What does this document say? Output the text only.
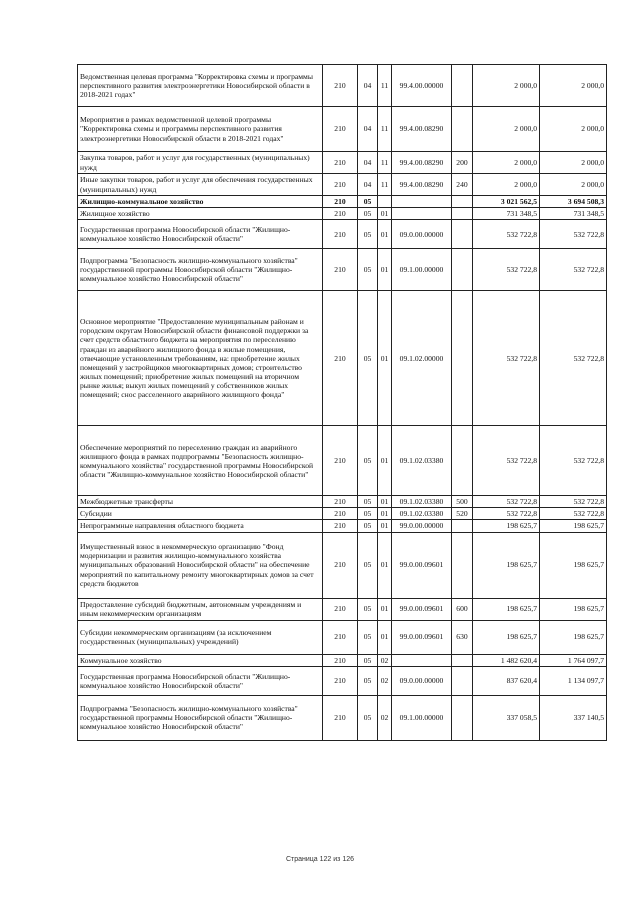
Ведомственная целевая программа "Корректировка схемы и программы перспективного развития электроэнергетики Новосибирской области в 2018-2021 годах"	210	04	11	99.4.00.00000		2 000,0	2 000,0
Мероприятия в рамках ведомственной целевой программы "Корректировка схемы и программы перспективного развития электроэнергетики Новосибирской области в 2018-2021 годах"	210	04	11	99.4.00.08290		2 000,0	2 000,0
Закупка товаров, работ и услуг для государственных (муниципальных) нужд	210	04	11	99.4.00.08290	200	2 000,0	2 000,0
Иные закупки товаров, работ и услуг для обеспечения государственных (муниципальных) нужд	210	04	11	99.4.00.08290	240	2 000,0	2 000,0
Жилищно-коммунальное хозяйство	210	05				3 021 562,5	3 694 508,3
Жилищное хозяйство	210	05	01			731 348,5	731 348,5
Государственная программа Новосибирской области "Жилищно-коммунальное хозяйство Новосибирской области"	210	05	01	09.0.00.00000		532 722,8	532 722,8
Подпрограмма "Безопасность жилищно-коммунального хозяйства" государственной программы Новосибирской области "Жилищно-коммунальное хозяйство Новосибирской области"	210	05	01	09.1.00.00000		532 722,8	532 722,8
Основное мероприятие "Предоставление муниципальным районам и городским округам Новосибирской области финансовой поддержки за счет средств областного бюджета на мероприятия по переселению граждан из аварийного жилищного фонда в жилые помещения, отвечающие установленным требованиям, на: приобретение жилых помещений у застройщиков многоквартирных домов; строительство жилых помещений; приобретение жилых помещений на вторичном рынке жилья; выкуп жилых помещений у собственников жилых помещений; снос расселенного аварийного жилищного фонда"	210	05	01	09.1.02.00000		532 722,8	532 722,8
Обеспечение мероприятий по переселению граждан из аварийного жилищного фонда в рамках подпрограммы "Безопасность жилищно-коммунального хозяйства" государственной программы Новосибирской области "Жилищно-коммунальное хозяйство Новосибирской области"	210	05	01	09.1.02.03380		532 722,8	532 722,8
Межбюджетные трансферты	210	05	01	09.1.02.03380	500	532 722,8	532 722,8
Субсидии	210	05	01	09.1.02.03380	520	532 722,8	532 722,8
Непрограммные направления областного бюджета	210	05	01	99.0.00.00000		198 625,7	198 625,7
Имущественный взнос в некоммерческую организацию "Фонд модернизации и развития жилищно-коммунального хозяйства муниципальных образований Новосибирской области" на обеспечение мероприятий по капитальному ремонту многоквартирных домов за счет средств бюджетов	210	05	01	99.0.00.09601		198 625,7	198 625,7
Предоставление субсидий бюджетным, автономным учреждениям и иным некоммерческим организациям	210	05	01	99.0.00.09601	600	198 625,7	198 625,7
Субсидии некоммерческим организациям (за исключением государственных (муниципальных) учреждений)	210	05	01	99.0.00.09601	630	198 625,7	198 625,7
Коммунальное хозяйство	210	05	02			1 482 620,4	1 764 097,7
Государственная программа Новосибирской области "Жилищно-коммунальное хозяйство Новосибирской области"	210	05	02	09.0.00.00000		837 620,4	1 134 097,7
Подпрограмма "Безопасность жилищно-коммунального хозяйства" государственной программы Новосибирской области "Жилищно-коммунальное хозяйство Новосибирской области"	210	05	02	09.1.00.00000		337 058,5	337 140,5
Страница 122 из 126
